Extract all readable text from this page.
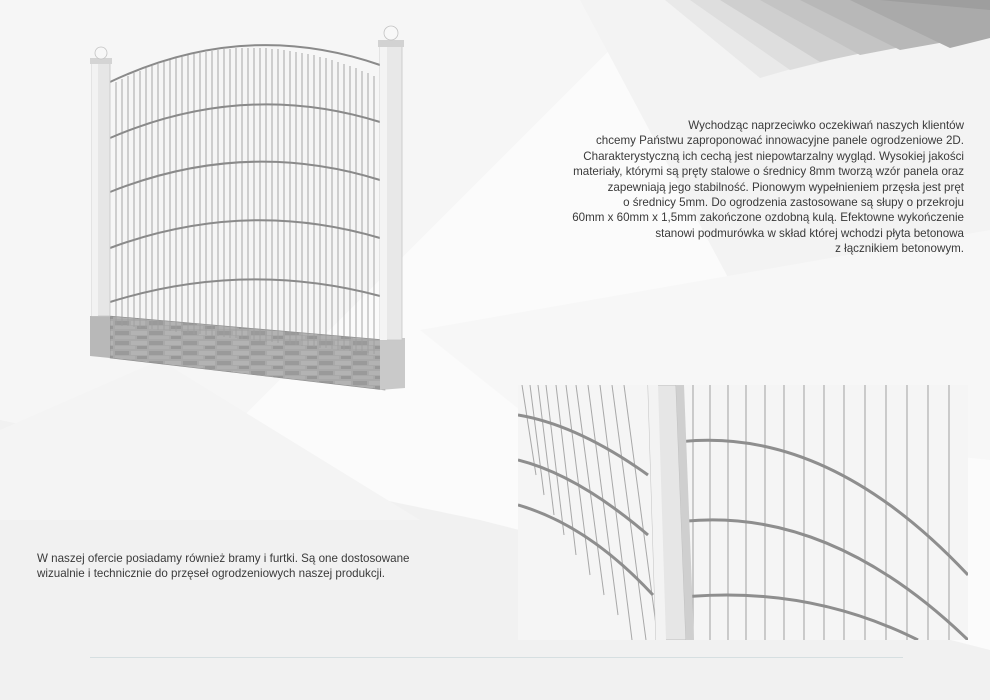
Wychodząc naprzeciwko oczekiwań naszych klientów
chcemy Państwu zaproponować innowacyjne panele ogrodzeniowe 2D.
Charakterystyczną ich cechą jest niepowtarzalny wygląd. Wysokiej jakości
materiały, którymi są pręty stalowe o średnicy 8mm tworzą wzór panela oraz
zapewniają jego stabilność. Pionowym wypełnieniem przęsła jest pręt
o średnicy 5mm. Do ogrodzenia zastosowane są słupy o przekroju
60mm x 60mm x 1,5mm zakończone ozdobną kulą. Efektowne wykończenie
stanowi podmurówka w skład której wchodzi płyta betonowa
z łącznikiem betonowym.
W naszej ofercie posiadamy również bramy i furtki. Są one dostosowane
wizualnie i technicznie do przęseł ogrodzeniowych naszej produkcji.
